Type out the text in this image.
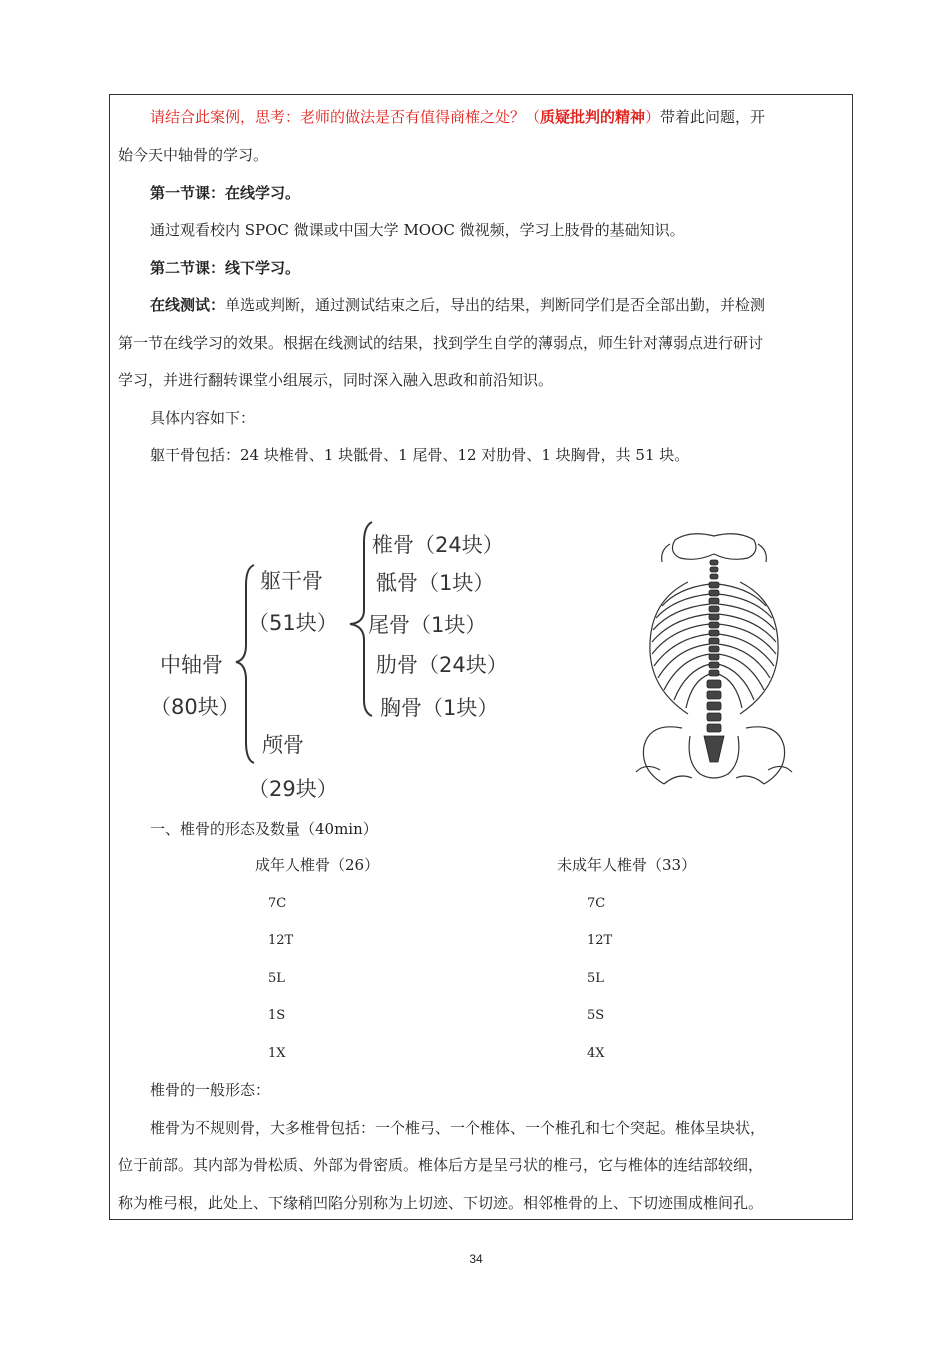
请结合此案例，思考：老师的做法是否有值得商榷之处？（质疑批判的精神）带着此问题，开
始今天中轴骨的学习。
第一节课：在线学习。
通过观看校内 SPOC 微课或中国大学 MOOC 微视频，学习上肢骨的基础知识。
第二节课：线下学习。
在线测试：单选或判断，通过测试结束之后，导出的结果，判断同学们是否全部出勤，并检测
第一节在线学习的效果。根据在线测试的结果，找到学生自学的薄弱点，师生针对薄弱点进行研讨
学习，并进行翻转课堂小组展示，同时深入融入思政和前沿知识。
具体内容如下：
躯干骨包括：24 块椎骨、1 块骶骨、1 尾骨、12 对肋骨、1 块胸骨，共 51 块。
中轴骨
（80块）
躯干骨
（51块）
颅骨
（29块）
椎骨（24块）
骶骨（1块）
尾骨（1块）
肋骨（24块）
胸骨（1块）
一、椎骨的形态及数量（40min）
成年人椎骨（26）	未成年人椎骨（33）
7C	7C
12T	12T
5L	5L
1S	5S
1X	4X
椎骨的一般形态：
椎骨为不规则骨，大多椎骨包括：一个椎弓、一个椎体、一个椎孔和七个突起。椎体呈块状，
位于前部。其内部为骨松质、外部为骨密质。椎体后方是呈弓状的椎弓，它与椎体的连结部较细，
称为椎弓根，此处上、下缘稍凹陷分别称为上切迹、下切迹。相邻椎骨的上、下切迹围成椎间孔。
34
